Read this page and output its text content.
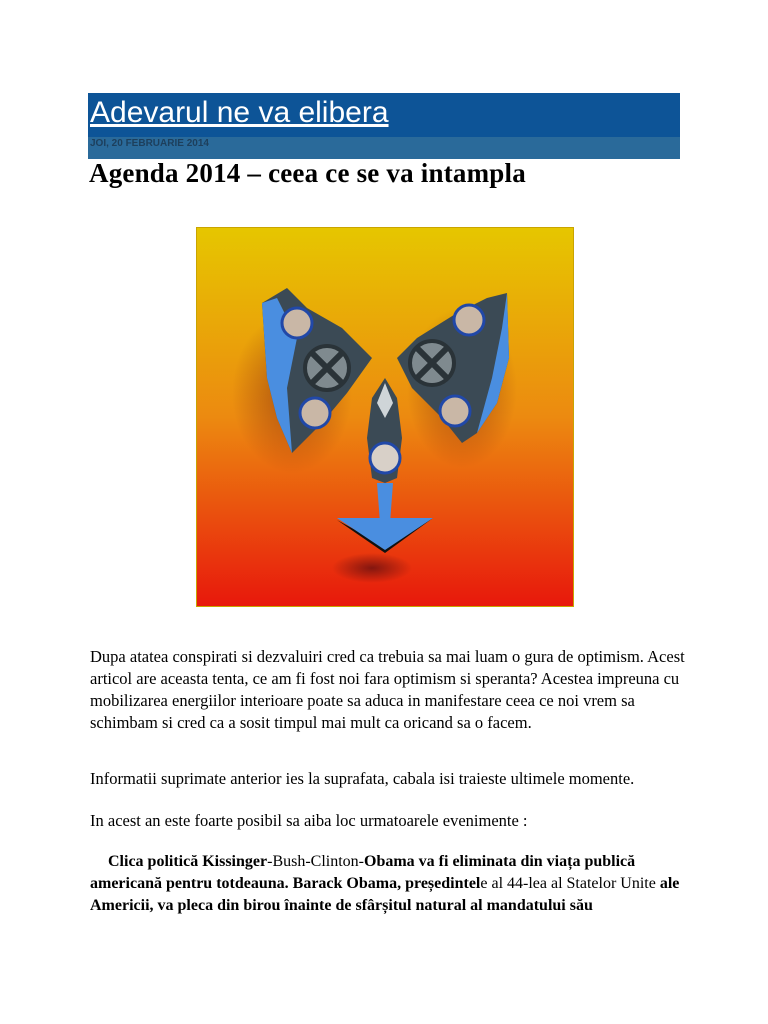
Adevarul ne va elibera
JOI, 20 FEBRUARIE 2014
Agenda 2014 – ceea ce se va intampla

Dupa atatea conspirati si dezvaluiri cred ca trebuia sa mai luam o gura de optimism. Acest articol are aceasta tenta, ce am fi fost noi fara optimism si speranta? Acestea impreuna cu mobilizarea energiilor interioare poate sa aduca in manifestare ceea ce noi vrem sa schimbam si cred ca a sosit timpul mai mult ca oricand sa o facem.

Informatii suprimate anterior ies la suprafata, cabala isi traieste ultimele momente.

In acest an este foarte posibil sa aiba loc urmatoarele evenimente :

Clica politică Kissinger-Bush-Clinton-Obama va fi eliminata din viața publică americană pentru totdeauna. Barack Obama, președintele al 44-lea al Statelor Unite ale Americii, va pleca din birou înainte de sfârșitul natural al mandatului său
